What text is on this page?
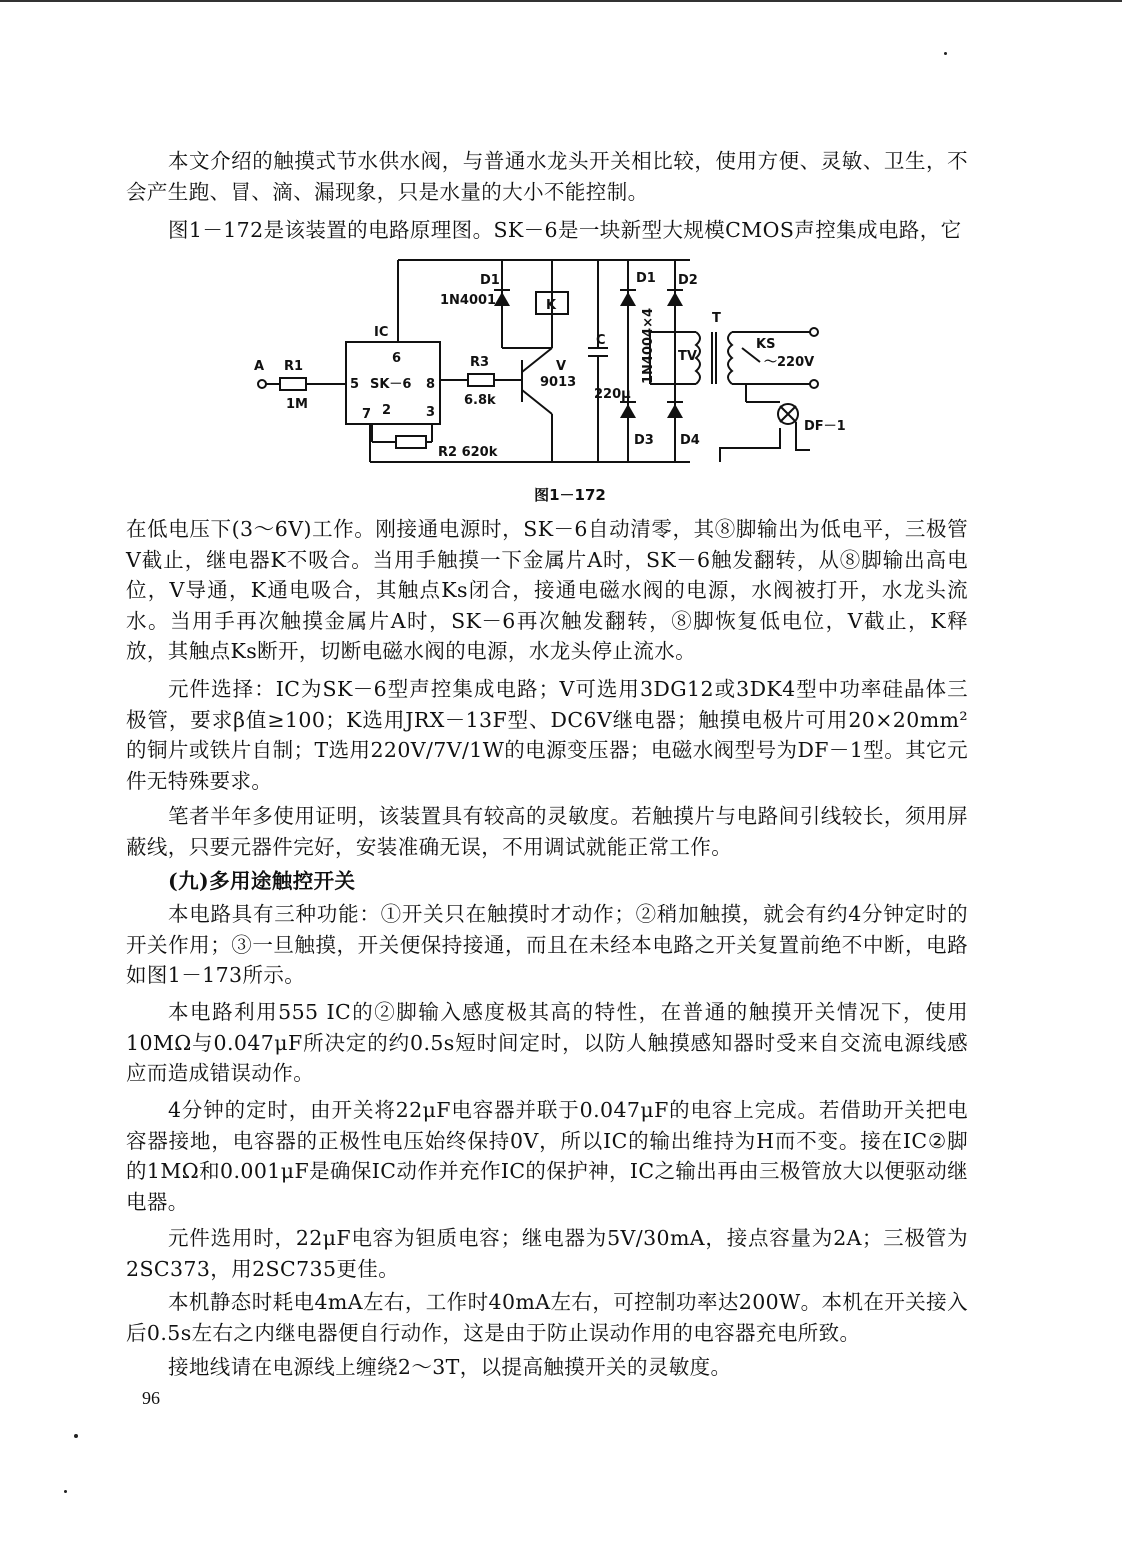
本文介绍的触摸式节水供水阀，与普通水龙头开关相比较，使用方便、灵敏、卫生，不会产生跑、冒、滴、漏现象，只是水量的大小不能控制。

图1－172是该装置的电路原理图。SK－6是一块新型大规模CMOS声控集成电路，它

A R1
1M
IC
6
5 SK－6 8
7 2	3
R2 620k
R3
6.8k
D1
1N4001	K
V
9013
C
220μ
D1 D2
1N4004×4
D3 D4
TV
T
KS
～220V
DF－1
图1－172

在低电压下(3～6V)工作。刚接通电源时，SK－6自动清零，其⑧脚输出为低电平，三极管V截止，继电器K不吸合。当用手触摸一下金属片A时，SK－6触发翻转，从⑧脚输出高电位，V导通，K通电吸合，其触点Ks闭合，接通电磁水阀的电源，水阀被打开，水龙头流水。当用手再次触摸金属片A时，SK－6再次触发翻转，⑧脚恢复低电位，V截止，K释放，其触点Ks断开，切断电磁水阀的电源，水龙头停止流水。

元件选择：IC为SK－6型声控集成电路；V可选用3DG12或3DK4型中功率硅晶体三极管，要求β值≥100；K选用JRX－13F型、DC6V继电器；触摸电极片可用20×20mm² 的铜片或铁片自制；T选用220V/7V/1W的电源变压器；电磁水阀型号为DF－1型。其它元件无特殊要求。

笔者半年多使用证明，该装置具有较高的灵敏度。若触摸片与电路间引线较长，须用屏蔽线，只要元器件完好，安装准确无误，不用调试就能正常工作。

(九)多用途触控开关

本电路具有三种功能：①开关只在触摸时才动作；②稍加触摸，就会有约4分钟定时的开关作用；③一旦触摸，开关便保持接通，而且在未经本电路之开关复置前绝不中断，电路如图1－173所示。

本电路利用555 IC的②脚输入感度极其高的特性，在普通的触摸开关情况下，使用10MΩ与0.047μF所决定的约0.5s短时间定时，以防人触摸感知器时受来自交流电源线感应而造成错误动作。

4分钟的定时，由开关将22μF电容器并联于0.047μF的电容上完成。若借助开关把电容器接地，电容器的正极性电压始终保持0V，所以IC的输出维持为H而不变。接在IC②脚的1MΩ和0.001μF是确保IC动作并充作IC的保护神，IC之输出再由三极管放大以便驱动继电器。

元件选用时，22μF电容为钽质电容；继电器为5V/30mA，接点容量为2A；三极管为2SC373，用2SC735更佳。

本机静态时耗电4mA左右，工作时40mA左右，可控制功率达200W。本机在开关接入后0.5s左右之内继电器便自行动作，这是由于防止误动作用的电容器充电所致。

接地线请在电源线上缠绕2～3T，以提高触摸开关的灵敏度。

96
